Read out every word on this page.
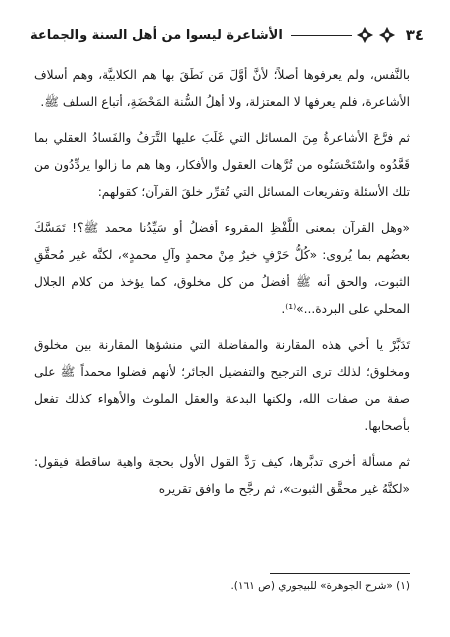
٣٤
الأشاعرة ليسوا من أهل السنة والجماعة

بالنَّفس، ولم يعرفوها أصلاً؛ لأنَّ أوَّلَ مَن نَطَقَ بها هم الكلابيَّة، وهم أسلاف الأشاعرة، فلم يعرفها لا المعتزلة، ولا أهلُ السُّنة المَحْضَةِ، أتباع السلف ﷺ.

ثم فرَّعَ الأشاعرةُ مِنَ المسائل التي غَلَبَ عليها التَّرَفُ والفَسادُ العقلي بما قَعَّدُوه واسْتَحْسَنُوه من تُرَّهات العقول والأفكار، وها هم ما زالوا يردِّدُون من تلك الأسئلة وتفريعات المسائل التي تُقرِّر خلقَ القرآن؛ كقولهم:

«وهل القرآن بمعنى اللَّفْظِ المقروء أفضلُ أو سَيِّدُنا محمد ﷺ؟! تَمَسَّكَ بعضُهم بما يُروى: «كُلُّ حَرْفٍ خيرٌ مِنْ محمدٍ وآلِ محمدٍ»، لكنَّه غير مُحقَّقِ الثبوت، والحق أنه ﷺ أفضلُ من كل مخلوق، كما يؤخذ من كلام الجلال المحلي على البردة...»⁽¹⁾.

تَدَبَّرْ يا أخي هذه المقارنة والمفاضلة التي منشؤها المقارنة بين مخلوق ومخلوق؛ لذلك ترى الترجيح والتفضيل الجائر؛ لأنهم فضلوا محمداً ﷺ على صفة من صفات الله، ولكنها البدعة والعقل الملوث والأهواء كذلك تفعل بأصحابها.

ثم مسألة أخرى تدبَّرها، كيف رَدَّ القول الأول بحجة واهية ساقطة فيقول: «لكنَّهُ غير محقَّق الثبوت»، ثم رجَّح ما وافق تقريره

(١) «شرح الجوهرة» للبيجوري (ص ١٦١).
